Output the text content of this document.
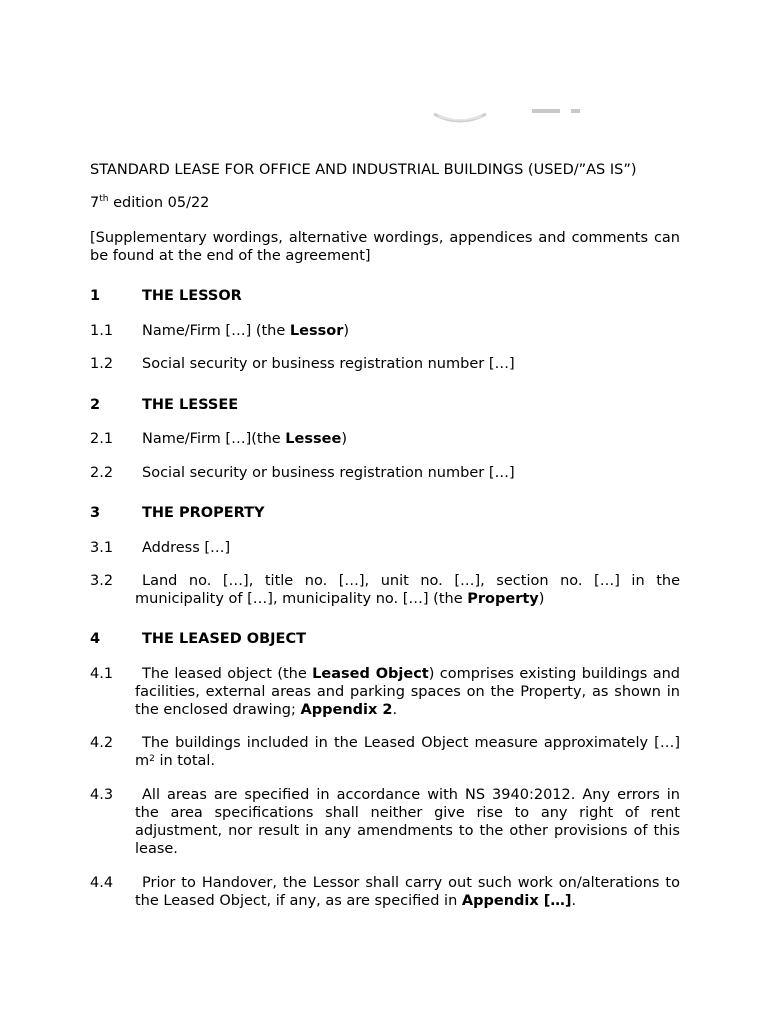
STANDARD LEASE FOR OFFICE AND INDUSTRIAL BUILDINGS (USED/”AS IS”)

7th edition 05/22

[Supplementary wordings, alternative wordings, appendices and comments can be found at the end of the agreement]

1	THE LESSOR

1.1 Name/Firm […] (the Lessor)

1.2 Social security or business registration number […]

2	THE LESSEE

2.1 Name/Firm […](the Lessee)

2.2 Social security or business registration number […]

3	THE PROPERTY

3.1 Address […]

3.2 Land no. […], title no. […], unit no. […], section no. […] in the municipality of […], municipality no. […] (the Property)

4	THE LEASED OBJECT

4.1 The leased object (the Leased Object) comprises existing buildings and facilities, external areas and parking spaces on the Property, as shown in the enclosed drawing; Appendix 2.

4.2 The buildings included in the Leased Object measure approximately […] $m^2$ in total.

4.3 All areas are specified in accordance with NS 3940:2012. Any errors in the area specifications shall neither give rise to any right of rent adjustment, nor result in any amendments to the other provisions of this lease.

4.4 Prior to Handover, the Lessor shall carry out such work on/alterations to the Leased Object, if any, as are specified in Appendix […].
